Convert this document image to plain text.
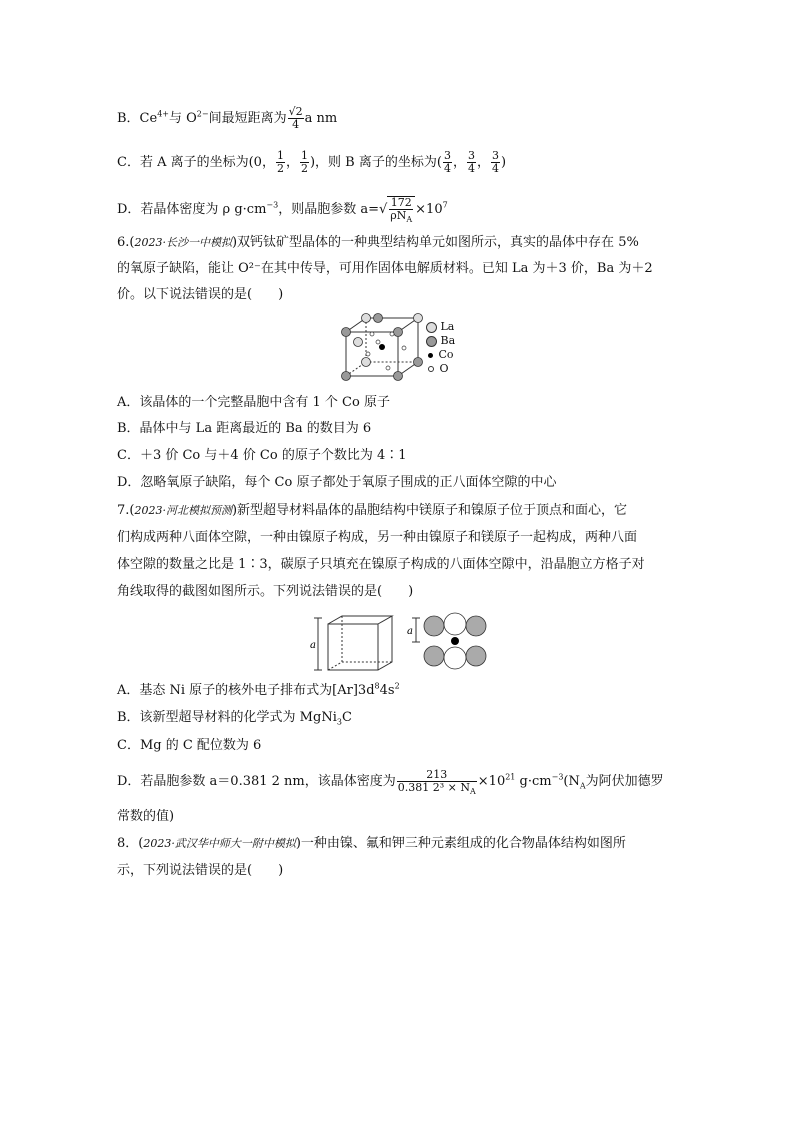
B．$Ce^{4+}$与 $O^{2-}$间最短距离为 $\frac{√2}{4}$ a nm
C．若 A 离子的坐标为(0， $\frac{1}{2}$ ， $\frac{1}{2}$ )，则 B 离子的坐标为( $\frac{3}{4}$ ， $\frac{3}{4}$ ， $\frac{3}{4}$ )
D．若晶体密度为 ρ $g\cdot cm^{-3}$，则晶胞参数 $a=√ \frac{172}{\rho N_A} \times 10^7$
6.(2023·长沙一中模拟)双钙钛矿型晶体的一种典型结构单元如图所示，真实的晶体中存在 5%
的氧原子缺陷，能让 O²⁻在其中传导，可用作固体电解质材料。已知 La 为＋3 价，Ba 为＋2
价。以下说法错误的是(　　)
La
Ba
Co
O
A．该晶体的一个完整晶胞中含有 1 个 Co 原子
B．晶体中与 La 距离最近的 Ba 的数目为 6
C．＋3 价 Co 与＋4 价 Co 的原子个数比为 4∶1
D．忽略氧原子缺陷，每个 Co 原子都处于氧原子围成的正八面体空隙的中心
7.(2023·河北模拟预测)新型超导材料晶体的晶胞结构中镁原子和镍原子位于顶点和面心，它
们构成两种八面体空隙，一种由镍原子构成，另一种由镍原子和镁原子一起构成，两种八面
体空隙的数量之比是 1∶3，碳原子只填充在镍原子构成的八面体空隙中，沿晶胞立方格子对
角线取得的截图如图所示。下列说法错误的是(　　)
a
a
A．基态 Ni 原子的核外电子排布式为$[Ar]3d^84s^2$
B．该新型超导材料的化学式为 MgNi$_3$C
C．Mg 的 C 配位数为 6
D．若晶胞参数 a＝0.381 2 nm，该晶体密度为 $\frac{213}{0.381 2^3 \times N_A} \times 10^{21}$ $g\cdot cm^{-3}(N_A$为阿伏加德罗
常数的值)
8．(2023·武汉华中师大一附中模拟)一种由镍、氟和钾三种元素组成的化合物晶体结构如图所
示，下列说法错误的是(　　)
